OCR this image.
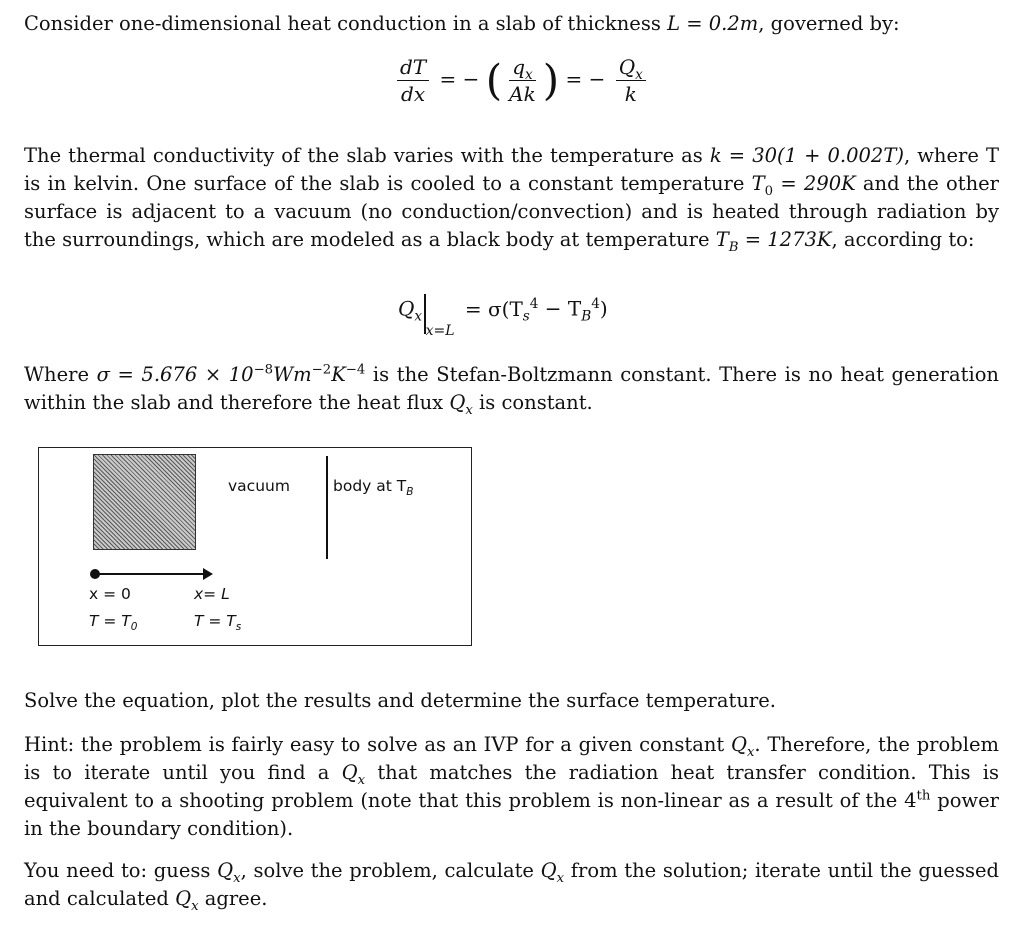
Consider one-dimensional heat conduction in a slab of thickness L = 0.2m, governed by:

$\frac{dT}{dx}$ = − ( $\frac{q_x}{Ak}$ ) = − $\frac{Q_x}{k}$

The thermal conductivity of the slab varies with the temperature as k = 30(1 + 0.002T), where T is in kelvin. One surface of the slab is cooled to a constant temperature $T_0 = 290K$ and the other surface is adjacent to a vacuum (no conduction/convection) and is heated through radiation by the surroundings, which are modeled as a black body at temperature $T_B = 1273K$, according to:

$Q_{xx=L} = \sigma(T_s^4 - T_B^4)$

Where $\sigma = 5.676 \times 10^{-8}Wm^{-2}K^{-4}$ is the Stefan-Boltzmann constant. There is no heat generation within the slab and therefore the heat flux $Q_x$ is constant.

vacuum	body at $T_B$
x = 0
$T = T_0$
x= L
$T = T_s$

Solve the equation, plot the results and determine the surface temperature.

Hint: the problem is fairly easy to solve as an IVP for a given constant $Q_x$. Therefore, the problem is to iterate until you find a $Q_x$ that matches the radiation heat transfer condition. This is equivalent to a shooting problem (note that this problem is non-linear as a result of the 4th power in the boundary condition).

You need to: guess $Q_x$, solve the problem, calculate $Q_x$ from the solution; iterate until the guessed and calculated $Q_x$ agree.
